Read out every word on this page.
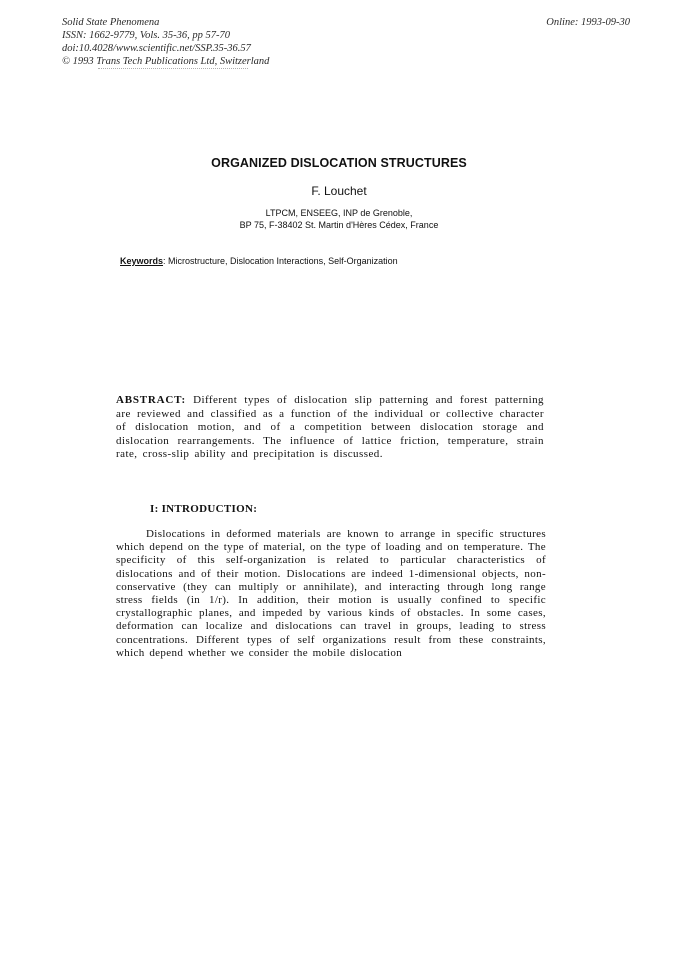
Solid State Phenomena
ISSN: 1662-9779, Vols. 35-36, pp 57-70
doi:10.4028/www.scientific.net/SSP.35-36.57
© 1993 Trans Tech Publications Ltd, Switzerland
Online: 1993-09-30
ORGANIZED DISLOCATION STRUCTURES
F. Louchet
LTPCM, ENSEEG, INP de Grenoble,
BP 75, F-38402 St. Martin d'Hères Cédex, France
Keywords: Microstructure, Dislocation Interactions, Self-Organization
ABSTRACT: Different types of dislocation slip patterning and forest patterning are reviewed and classified as a function of the individual or collective character of dislocation motion, and of a competition between dislocation storage and dislocation rearrangements. The influence of lattice friction, temperature, strain rate, cross-slip ability and precipitation is discussed.
I: INTRODUCTION:
Dislocations in deformed materials are known to arrange in specific structures which depend on the type of material, on the type of loading and on temperature. The specificity of this self-organization is related to particular characteristics of dislocations and of their motion. Dislocations are indeed 1-dimensional objects, non-conservative (they can multiply or annihilate), and interacting through long range stress fields (in 1/r). In addition, their motion is usually confined to specific crystallographic planes, and impeded by various kinds of obstacles. In some cases, deformation can localize and dislocations can travel in groups, leading to stress concentrations. Different types of self organizations result from these constraints, which depend whether we consider the mobile dislocation
